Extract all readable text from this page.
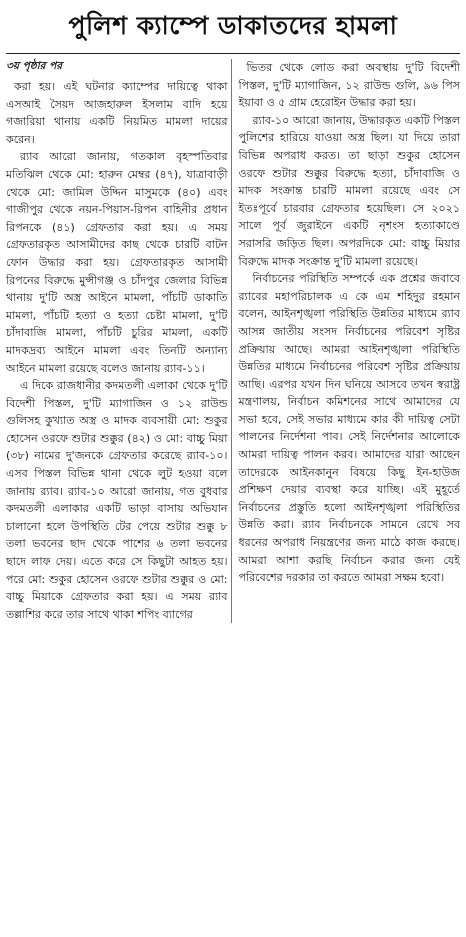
পুলিশ ক্যাম্পে ডাকাতদের হামলা

৩য় পৃষ্ঠার পর

করা হয়। এই ঘটনার ক্যাম্পের দায়িত্বে থাকা এসআই সৈয়দ আজহারুল ইসলাম বাদি হয়ে গজারিয়া থানায় একটি নিয়মিত মামলা দায়ের করেন।

র‌্যাব আরো জানায়, গতকাল বৃহস্পতিবার মতিঝিল থেকে মো: হারুন মেম্বর (৪৭), যাত্রাবাড়ী থেকে মো: জামিল উদ্দিন মাসুমকে (৪০) এবং গাজীপুর থেকে নয়ন-পিয়াস-রিপন বাহিনীর প্রধান রিপনকে (৪১) গ্রেফতার করা হয়। এ সময় গ্রেফতারকৃত আসামীদের কাছ থেকে চারটি বাটন ফোন উদ্ধার করা হয়। গ্রেফতারকৃত আসামী রিপনের বিরুদ্ধে মুন্সীগঞ্জ ও চাঁদপুর জেলার বিভিন্ন থানায় দু'টি অস্ত্র আইনে মামলা, পাঁচটি ডাকাতি মামলা, পাঁচটি হত্যা ও হত্যা চেষ্টা মামলা, দু'টি চাঁদাবাজি মামলা, পাঁচটি চুরির মামলা, একটি মাদকদ্রব্য আইনে মামলা এবং তিনটি অন্যান্য আইনে মামলা রয়েছে বলেও জানায় র‌্যাব-১১।

এ দিকে রাজধানীর কদমতলী এলাকা থেকে দু'টি বিদেশী পিস্তল, দু'টি ম্যাগাজিন ও ১২ রাউন্ড গুলিসহ কুখ্যাত অস্ত্র ও মাদক ব্যবসায়ী মো: শুকুর হোসেন ওরফে শুটার শুক্কুর (৪২) ও মো: বাচ্চু মিয়া (৩৮) নামের দু'জনকে গ্রেফতার করেছে র‌্যাব-১০। এসব পিস্তল বিভিন্ন থানা থেকে লুট হওয়া বলে জানায় র‌্যাব। র‌্যাব-১০ আরো জানায়, গত বুধবার কদমতলী এলাকার একটি ভাড়া বাসায় অভিযান চালানো হলে উপস্থিতি টের পেয়ে শুটার শুক্কু ৮ তলা ভবনের ছাদ থেকে পাশের ৬ তলা ভবনের ছাদে লাফ দেয়। এতে করে সে কিছুটা আহত হয়। পরে মো: শুকুর হোসেন ওরফে শুটার শুক্কুর ও মো: বাচ্চু মিয়াকে গ্রেফতার করা হয়। এ সময় র‌্যাব তল্লাশির করে তার সাথে থাকা শপিং ব্যাগের

ভিতর থেকে লোড করা অবস্থায় দু'টি বিদেশী পিস্তল, দু'টি ম্যাগাজিন, ১২ রাউন্ড গুলি, ৯৬ পিস ইয়াবা ও ৫ গ্রাম হেরোইন উদ্ধার করা হয়।

র‌্যাব-১০ আরো জানায়, উদ্ধারকৃত একটি পিস্তল পুলিশের হারিয়ে যাওয়া অস্ত্র ছিল। যা দিয়ে তারা বিভিন্ন অপরাধ করত। তা ছাড়া শুকুর হোসেন ওরফে শুটার শুক্কুর বিরুদ্ধে হত্যা, চাঁদাবাজি ও মাদক সংক্রান্ত চারটি মামলা রয়েছে এবং সে ইতঃপূর্বে চারবার গ্রেফতার হয়েছিল। সে ২০২১ সালে পূর্ব জুরাইনে একটি নৃশংস হত্যাকাণ্ডে সরাসরি জড়িত ছিল। অপরদিকে মো: বাচ্চু মিয়ার বিরুদ্ধে মাদক সংক্রান্ত দু'টি মামলা রয়েছে।

নির্বাচনের পরিস্থিতি সম্পর্কে এক প্রশ্নের জবাবে র‌্যাবের মহাপরিচালক এ কে এম শহিদুর রহমান বলেন, আইনশৃঙ্খলা পরিস্থিতি উন্নতির মাধ্যমে র‌্যাব আসন্ন জাতীয় সংসদ নির্বাচনের পরিবেশ সৃষ্টির প্রক্রিয়ায় আছে। আমরা আইনশৃঙ্খলা পরিস্থিতি উন্নতির মাধ্যমে নির্বাচনের পরিবেশ সৃষ্টির প্রক্রিয়ায় আছি। এরপর যখন দিন ঘনিয়ে আসবে তখন স্বরাষ্ট্র মন্ত্রণালয়, নির্বাচন কমিশনের সাথে আমাদের যে সভা হবে, সেই সভার মাধ্যমে কার কী দায়িত্ব সেটা পালনের নির্দেশনা পাব। সেই নির্দেশনার আলোকে আমরা দায়িত্ব পালন করব। আমাদের যারা আছেন তাদেরকে আইনকানুন বিষয়ে কিছু ইন-হাউজ প্রশিক্ষণ দেয়ার ব্যবস্থা করে যাচ্ছি। এই মুহূর্তে নির্বাচনের প্রস্তুতি হলো আইনশৃঙ্খলা পরিস্থিতির উন্নতি করা। র‌্যাব নির্বাচনকে সামনে রেখে সব ধরনের অপরাধ নিয়ন্ত্রণের জন্য মাঠে কাজ করছে। আমরা আশা করছি নির্বাচন করার জন্য যেই পরিবেশের দরকার তা করতে আমরা সক্ষম হবো।
